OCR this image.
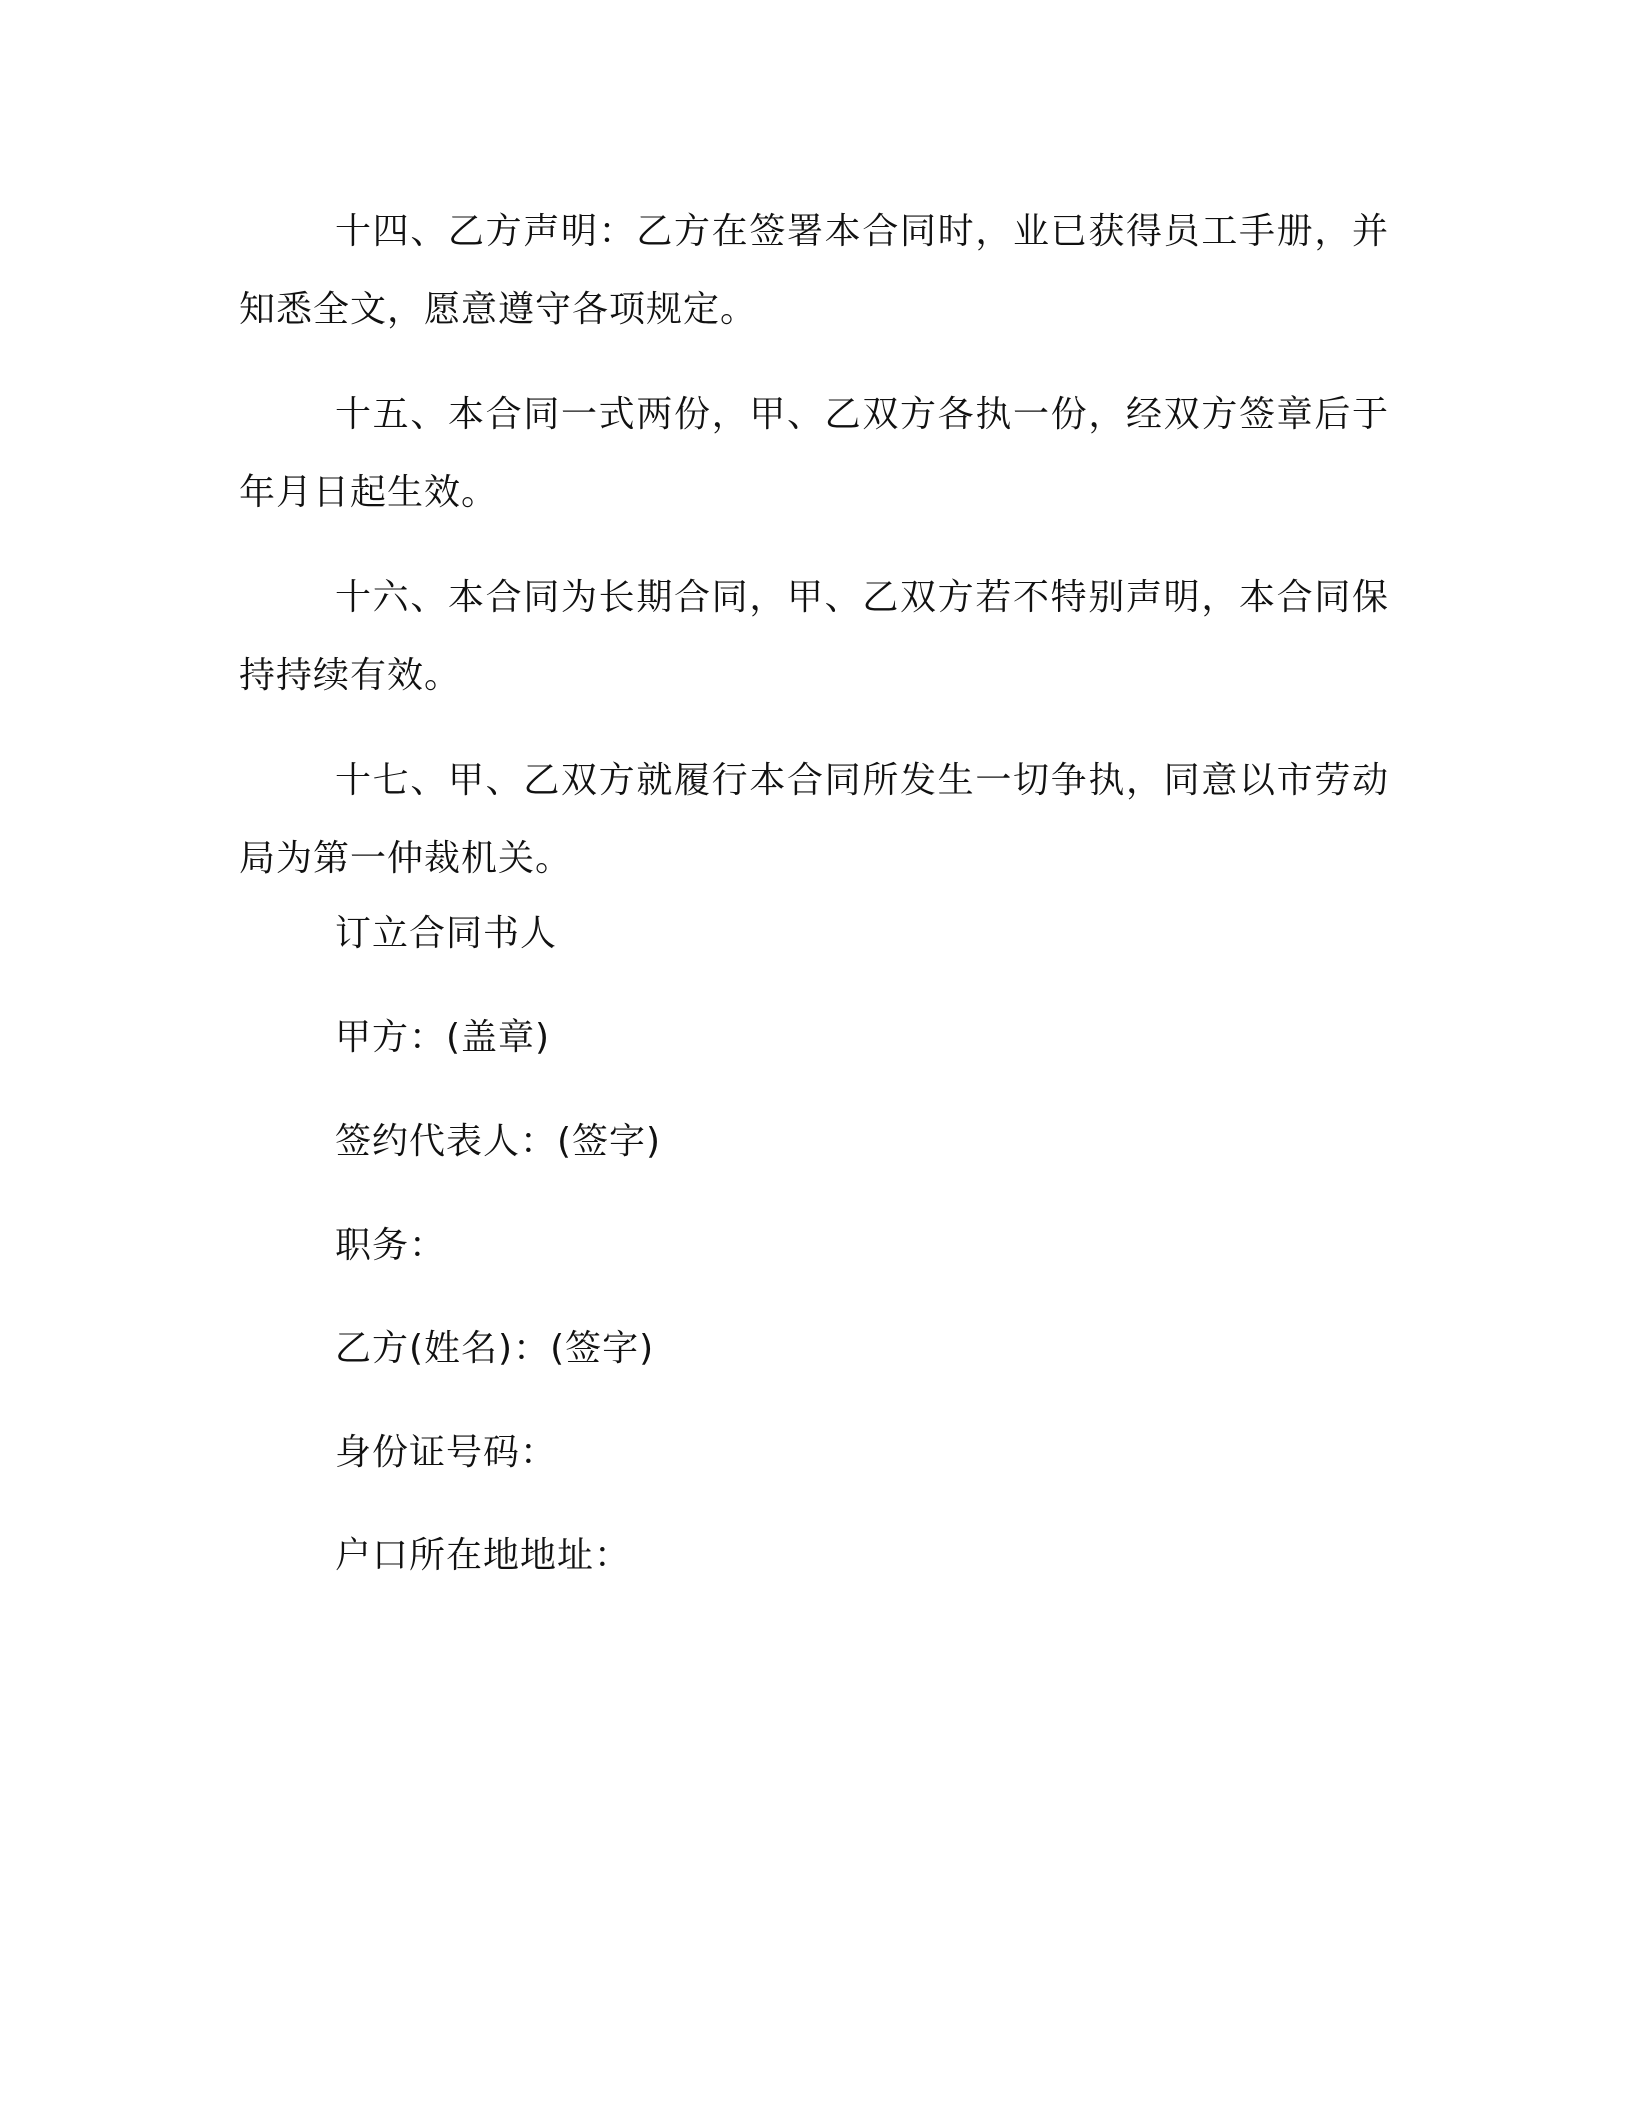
十四、乙方声明：乙方在签署本合同时，业已获得员工手册，并知悉全文，愿意遵守各项规定。

十五、本合同一式两份，甲、乙双方各执一份，经双方签章后于年月日起生效。

十六、本合同为长期合同，甲、乙双方若不特别声明，本合同保持持续有效。

十七、甲、乙双方就履行本合同所发生一切争执，同意以市劳动局为第一仲裁机关。

订立合同书人

甲方：(盖章)

签约代表人：(签字)

职务：

乙方(姓名)：(签字)

身份证号码：

户口所在地地址：
